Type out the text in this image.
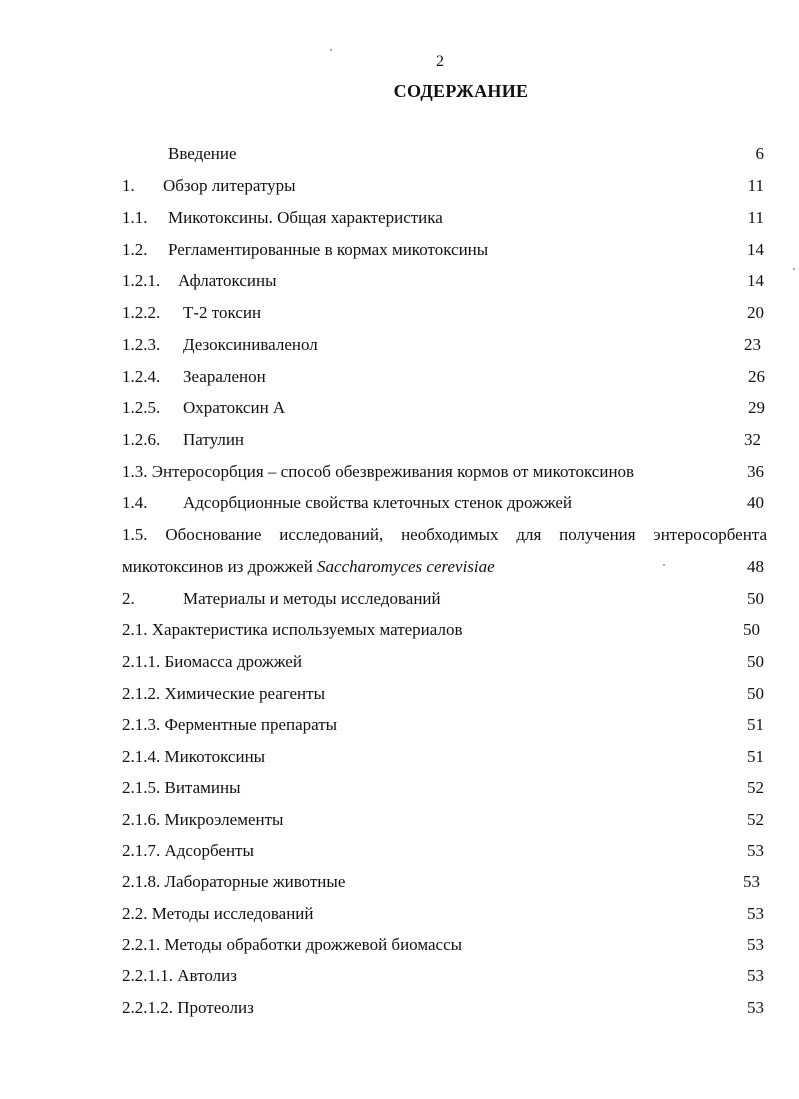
2
СОДЕРЖАНИЕ
Введение	6
1. Обзор литературы	11
1.1. Микотоксины. Общая характеристика	11
1.2. Регламентированные в кормах микотоксины	14
1.2.1. Афлатоксины	14
1.2.2. Т-2 токсин	20
1.2.3. Дезоксиниваленол	23
1.2.4. Зеараленон	26
1.2.5. Охратоксин А	29
1.2.6. Патулин	32
1.3. Энтеросорбция – способ обезвреживания кормов от микотоксинов	36
1.4. Адсорбционные свойства клеточных стенок дрожжей	40
1.5. Обоснование исследований, необходимых для получения энтеросорбента
микотоксинов из дрожжей Saccharomyces cerevisiae	48
2.	Материалы и методы исследований	50
2.1. Характеристика используемых материалов	50
2.1.1. Биомасса дрожжей	50
2.1.2. Химические реагенты	50
2.1.3. Ферментные препараты	51
2.1.4. Микотоксины	51
2.1.5. Витамины	52
2.1.6. Микроэлементы	52
2.1.7. Адсорбенты	53
2.1.8. Лабораторные животные	53
2.2. Методы исследований	53
2.2.1. Методы обработки дрожжевой биомассы	53
2.2.1.1. Автолиз	53
2.2.1.2. Протеолиз	53
